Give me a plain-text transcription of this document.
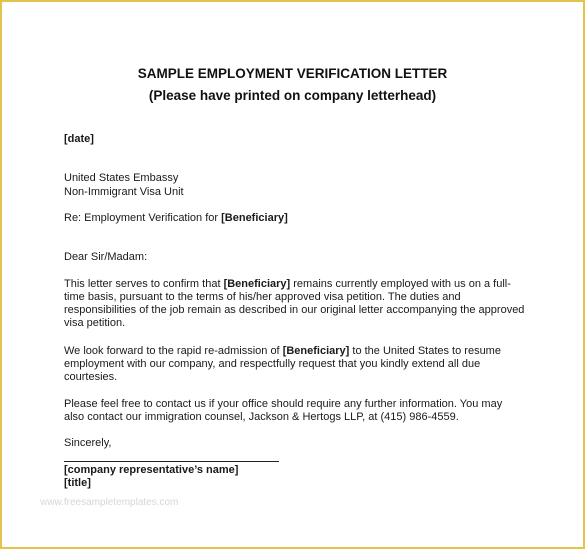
SAMPLE EMPLOYMENT VERIFICATION LETTER
(Please have printed on company letterhead)
[date]
United States Embassy
Non-Immigrant Visa Unit
Re: Employment Verification for [Beneficiary]
Dear Sir/Madam:
This letter serves to confirm that [Beneficiary] remains currently employed with us on a full-
time basis, pursuant to the terms of his/her approved visa petition. The duties and
responsibilities of the job remain as described in our original letter accompanying the approved
visa petition.
We look forward to the rapid re-admission of [Beneficiary] to the United States to resume
employment with our company, and respectfully request that you kindly extend all due
courtesies.
Please feel free to contact us if your office should require any further information. You may
also contact our immigration counsel, Jackson & Hertogs LLP, at (415) 986-4559.
Sincerely,
[company representative’s name]
[title]
www.freesampletemplates.com
